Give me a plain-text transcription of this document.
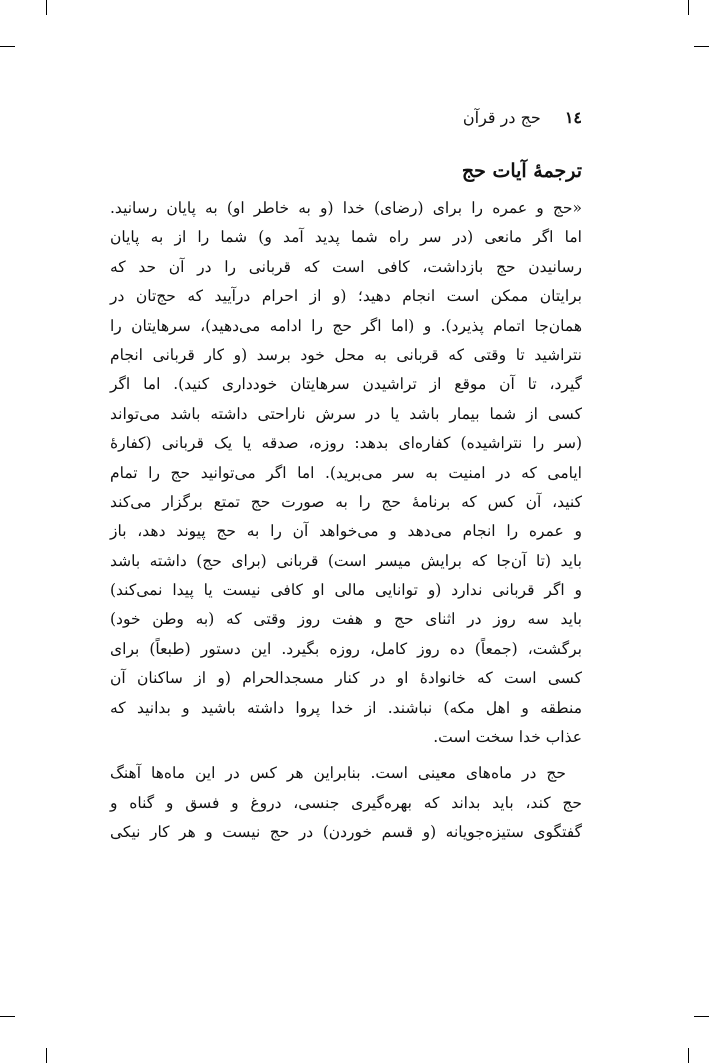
١٤
حج در قرآن
ترجمهٔ آیات حج
«حج و عمره را برای (رضای) خدا (و به خاطر او) به پایان رسانید.
اما اگر مانعی (در سر راه شما پدید آمد و) شما را از به پایان
رسانیدن حج بازداشت، کافی است که قربانی را در آن حد که
برایتان ممکن است انجام دهید؛ (و از احرام درآیید که حج‌تان در
همان‌جا اتمام پذیرد). و (اما اگر حج را ادامه می‌دهید)، سرهایتان را
نتراشید تا وقتی که قربانی به محل خود برسد (و کار قربانی انجام
گیرد، تا آن موقع از تراشیدن سرهایتان خودداری کنید). اما اگر
کسی از شما بیمار باشد یا در سرش ناراحتی داشته باشد می‌تواند
(سر را نتراشیده) کفاره‌ای بدهد: روزه، صدقه یا یک قربانی (کفارهٔ
ایامی که در امنیت به سر می‌برید). اما اگر می‌توانید حج را تمام
کنید، آن کس که برنامهٔ حج را به صورت حج تمتع برگزار می‌کند
و عمره را انجام می‌دهد و می‌خواهد آن را به حج پیوند دهد، باز
باید (تا آن‌جا که برایش میسر است) قربانی (برای حج) داشته باشد
و اگر قربانی ندارد (و توانایی مالی او کافی نیست یا پیدا نمی‌کند)
باید سه روز در اثنای حج و هفت روز وقتی که (به وطن خود)
برگشت، (جمعاً) ده روز کامل، روزه بگیرد. این دستور (طبعاً) برای
کسی است که خانوادهٔ او در کنار مسجدالحرام (و از ساکنان آن
منطقه و اهل مکه) نباشند. از خدا پروا داشته باشید و بدانید که
عذاب خدا سخت است.
حج در ماه‌های معینی است. بنابراین هر کس در این ماه‌ها آهنگ
حج کند، باید بداند که بهره‌گیری جنسی، دروغ و فسق و گناه و
گفتگوی ستیزه‌جویانه (و قسم خوردن) در حج نیست و هر کار نیکی
